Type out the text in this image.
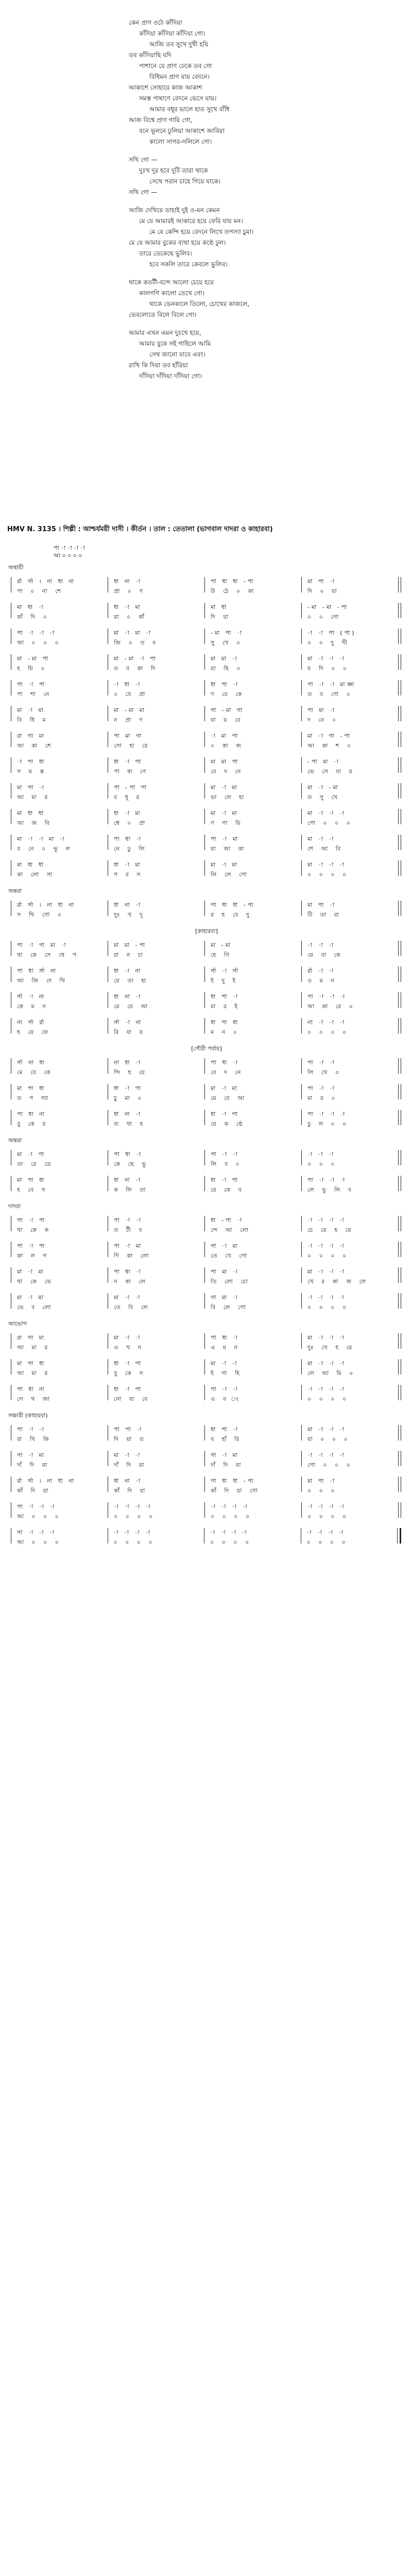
কেন প্রাণ ওঠে কাঁদিয়া
কাঁদিয়া কাঁদিয়া কাঁদিয়া গো।
আজি তব সুখে দুখী হয়ি
তব কাঁদিয়াছি যদি
পাশানে যে প্রাণ ঢেকে তব গো
বিধিমন প্রাণ যায় বেদনে।
আকাশে সোহারে কাজ আকাশ
সমস্ত পাষাণে বেদনে ভেসে যায়।
আমার বধূর ভালে হাত সুখে বাঁধি
আজ বিশ্বে প্রাণ গায়ি গো,
বনে ভূলনে ঢুলিয়া আকাশে আবিয়া
কালো সাগর-সলিলে গো।
সখি গো —
দুঃখ দূর হবে দুটি তারা থাকে
সেথে পরান চাহে গিয়ে যাকে।
সখি গো —
আজি দেখিয়ে তাহাই দুই ও-মন কেমন
মে যে আমারই আকারে হয়ে ফেরি যায় মন।
মে যে কেন্দি হয়ে বেদনে লিখে তপস্যা চুমা।
মে যে আমার বুকের ব্যথা হয়ে কণ্ঠে ঢুল।
তারে ডেকেছে ভুলিব।
হবে সকলি তারে কেবলে ভুলিব।
থাকে কতটী-বন্দে আলো চেয়ে হয়ে
কালগণি কালো তেখে গো।
থাকে ভেনকালে তিলো, চোখের কাজলে,
ভেবলোতে বিলে বিলে গো।
আমার এখন এমন দুঃখে হয়ে,
আমার বুকে সই গাহিলে আমি
সেথ জানো যাবে এবং।
রাখি কি দিয়া তব হাঁরিয়া
দাঁদিয়া দাঁদিয়া দাঁদিয়া গো।
HMV N. 3135 । শিল্পী : আশ্চর্যময়ী দাসী । কীর্তন । তাল : তেতালা (ভাগবাল দাদরা ও কাহারবা)
পা -া -া -া -া
আ ০ ০ ০ ০
অস্থায়ী
র্রা র্সা । না ধা না
পা ০ না শে
ধা না -া
প্রা ০ ণ
পা ধা ধা -পা
উ ঠে ০ কা
মা পা -া
দি ০ য়া
মা ধা -া
কাঁ দি ০
ধা -া মা
য়া ০ কাঁ
মা ধা
দি য়া
-মা -মা -পা
০ ০ গো
পা -া -া -া
আ ০ ০ ০
মা -া মা -া
জি ০ ত ব
-মা পা -া
সু খে ০
-া -া পা (পা)
০ ০ দু খী
মা -মা পা
হ য়ি ০
মা -মা -া পা
ত ব কা দি
মা মা -া
য়া ছি ০
মা -া -া -া
য দি ০ ০
পা -া পা
পা শা নে
-া ধা -া
০ যে প্রা
ধা পা -া
ণ ঢে কে
পা -া -া মাজ্ঞা
ত ব গো ০
মা -া মা
বি ধি ম
মা -মা মা
ন প্রা ণ
গা -মা গা
যা য় বে
পা মা -া
দ নে ০
রা গা মা
আ কা শে
পা মা গা
সো হা রে
-া মা পা
০ কা জ
মা -া গা -পা
আ কা শ ০
-া পা ধা
স ম স্ত
ধা -া পা
পা ষা ণে
মা মা পা
বে দ নে
-পা মা -া
ভে সে যা য়
মা পা -া
আ মা র
পা -পা পা
ব ধূ র
মা -া মা
ভা লে হা
মা -া -মা
ত সু খে
মা ধা ধা
আ জ বি
ধা -া মা
শ্বে ০ প্রা
মা -া মা
ণ গা য়ি
মা -া -া -া
গো ০ ০ ০
মা -া -া মা -া
ব নে ০ ভূ ল
পা ধা -া
নে ঢু লি
পা -া মা
য়া আ কা
মা -া -া
শে আ বি
মা ধা ধা
কা লো সা
ধা -া মা
গ র স
মা -া মা
লি লে গো
মা -া -া -া
০ ০ ০ ০
অন্তরা
র্রা র্সা । না ধা না
স খি গো ০
ধা না -া
দুঃ খ দূ
পা ধা ধা -পা
র হ বে দু
মা পা -া
টি তা রা
[কাহারবা]
পা -া পা মা -া
থা কে সে থে প
মা মা -পা
রা ন চা
মা -মা
হে গি
-া -া -া
য়ে যা কে
পা ধা র্সা না
আ জি দে খি
ধা -া না
য়ে তা হা
র্সা -া র্সা
ই দু ই
র্রা -া -া
ও ম ন
র্সা -া না
কে ম ন
ধা না -া
মে যে আ
ধা পা -া
মা র ই
পা -া -া -া
আ কা রে ০
না র্সা র্রা
হ য়ে ফে
র্সা -া না
রি যা য়
ধা পা ধা
ম ন ০
না -া -া -া
০ ০ ০ ০
[গৌরী পর্যায়]
র্সা না ধা
মে যে কে
না ধা -া
ন্দি হ য়ে
পা ধা -া
বে দ নে
পা -া -া
লি খে ০
মা পা ধা
ত প স্যা
ধা -া পা
চু মা ০
মা -া মা
মে যে আ
পা -া -া
মা র ০
পা ধা না
বু কে র
ধা না -া
ব্য থা হ
ধা -া পা
য়ে ক ণ্ঠে
পা -া -া -া
ঢু ল ০ ০
অন্তরা
মা -া পা
তা রে ডে
পা ধা -া
কে ছে ভু
পা -া -া
লি ব ০
-া -া -া
০ ০ ০
মা পা ধা
হ বে স
ধা না -া
ক লি তা
ধা -া পা
রে কে ব
পা -া -া -া
লে ভু লি ব
দাদরা
পা -া পা
থা কে ক
পা -া -া
ত টী ব
ধা -পা -া
ন্দে আ লো
-া -া -া -া
চে য়ে হ য়ে
পা -া পা
কা ল গ
পা -া মা
ণি কা লো
গা -া মা
তে খে গো
-া -া -া -া
০ ০ ০ ০
মা -া মা
থা কে ভে
পা ধা -া
ন কা লে
পা মা -া
তি লো চো
মা -া -া -া
খে র কা জ লে
মা -া মা
ভে ব লো
মা -া -া
তে বি লে
গা মা -া
বি লে গো
-া -া -া -া
০ ০ ০ ০
আভোগ
রা গা মা
আ মা র
মা -া -া
এ খ ন
পা ধা -া
এ ম ন
মা -া -া -া
দুঃ খে হ য়ে
মা পা ধা
আ মা র
ধা -া পা
বু কে স
মা -া -া
ই গা হি
মা -া -া -া
লে আ মি ০
পা ধা না
সে থ জা
ধা -া পা
নো যা বে
পা -া -া
এ ব ং
-া -া -া -া
০ ০ ০ ০
সঞ্চারী (কাহারবা)
পা -া -া
রা খি কি
পা পা -া
দি য়া ত
ধা পা -া
ব হাঁ রি
মা -া -া -া
য়া ০ ০ ০
গা -া মা
দাঁ দি য়া
মা -া -া
দাঁ দি য়া
গা -া মা
দাঁ দি য়া
-া -া -া -া
গো ০ ০ ০
র্রা র্সা । না ধা না
কাঁ দি য়া
ধা না -া
কাঁ দি য়া
পা ধা ধা -পা
কাঁ দি য়া গো
মা পা -া
০ ০ ০
পা -া -া -া
আ ০ ০ ০
-া -া -া -া
০ ০ ০ ০
-া -া -া -া
০ ০ ০ ০
-া -া -া -া
০ ০ ০ ০
সা -া -া -া
আ ০ ০ ০
-া -া -া -া
০ ০ ০ ০
-া -া -া -া
০ ০ ০ ০
-া -া -া -া
০ ০ ০ ০
